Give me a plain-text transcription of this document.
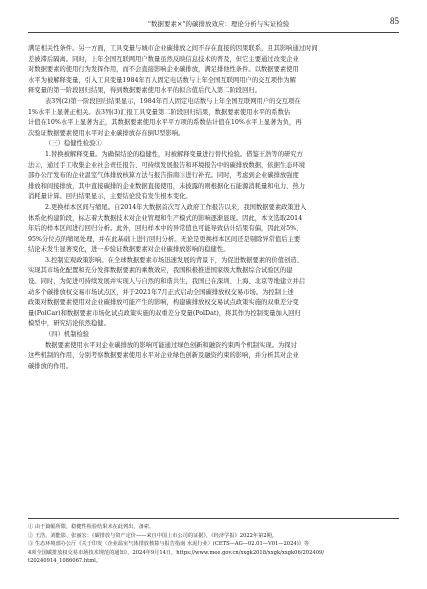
"数据要素×"的碳排放效应：理论分析与实证检验	85

满足相关性条件。另一方面，工具变量与城市企业碳排放之间不存在直接的因果联系，且其影响通过时间

差被滞后隔离。同时，上年全国互联网用户数量虽然反映信息技术的普及，但它主要通过改变企业

对数据要素的使用行为发挥作用，而不会直接影响企业碳排放，满足排他性条件。以数据要素使用

水平为被解释变量，引入工具变量1984年百人固定电话数与上年全国互联网用户的交互项作为解

释变量的第一阶段回归结果，得到数据要素使用水平的拟合值后代入第二阶段回归。

表3列(2)第一阶段回归结果显示，1984年百人固定电话数与上年全国互联网用户的交互项在

1%水平上显著正相关。表3列(3)汇报工具变量第二阶段回归结果，数据要素使用水平的系数估

计值在10%水平上显著为正，其数据要素使用水平平方项的系数估计值在10%水平上显著为负，再

次验证数据要素使用水平对企业碳排放存在倒U型影响。

（三）稳健性检验①

1.替换被解释变量。为确保结论的稳健性，对被解释变量进行替代检验。借鉴王浩等的研究方

法②，通过手工收集企业社会责任报告、可持续发展报告和环境报告中的碳排放数据，依据生态环境

部办公厅发布的企业温室气体排放核算方法与报告指南③进行补充。同时，考虑到企业碳排放强度

排放和间接排放，其中直接碳排的企业数据直接使用，未披露的则根据化石能源消耗量和电力、热力

消耗量计算。回归结果显示，主要结论没有发生根本变化。

2.更换样本区间与缩尾。自2014年大数据首次写入政府工作报告以来，我国数据要素政策进入

体系化构建阶段，标志着大数据技术对企业管理和生产模式的影响逐渐显现。因此，本文选取2014

年后的样本区间进行回归分析。此外，回归样本中的异常值也可能导致估计结果有偏，因此对5%、

95%分位点的缩尾处理，并在此基础上进行回归分析。无论是更换样本区间还是剔除异常值后主要

结论未发生显著变化，进一步验证数据要素对企业碳排放影响的稳健性。

3.控制宏观政策影响。在全球数据要素市场迅速发展的背景下，为促进数据要素的价值创造、

实现其市场化配置和充分发挥数据要素的乘数效应，我国积极推进国家级大数据综合试验区的建

设。同时，为促进可持续发展并实现人与自然的和谐共生，我国已在深圳、上海、北京等地建立并启

动多个碳排放权交易市场试点区，并于2021年7月正式启动全国碳排放权交易市场。为控制上述

政策对数据要素使用对企业碳排放可能产生的影响，构建碳排放权交易试点政策实施的双重差分变

量(PolCar)和数据要素市场化试点政策实施的双重差分变量(PolDat)，将其作为控制变量加入回归

模型中，研究结论依然稳健。

（四）机制检验

数据要素使用水平对企业碳排放的影响可能通过绿色创新和融资约束两个机制实现。为探讨

这些机制的作用，分别考察数据要素使用水平对企业绿色创新及融资约束的影响，并分析其对企业

碳排放的作用。

① 由于篇幅所限，稳健性检验结果未在此列出，备索。

② 王浩、刘能影、张丽宏：《碳排放与资产定价——来自中国上市公司的证据》，《经济学报》2022年第2期。

③ 生态环境部办公厅《关于印发〈企业温室气体排放核算与报告指南 水泥行业〉(CETS—AG—02.01—V01—2024)》等

4项全国碳排放权交易市场技术规范的通知》，2024年9月14日，https://www.mee.gov.cn/xxgk2018/xxgk/xxgk06/202409/

t20240914_1086067.html。
